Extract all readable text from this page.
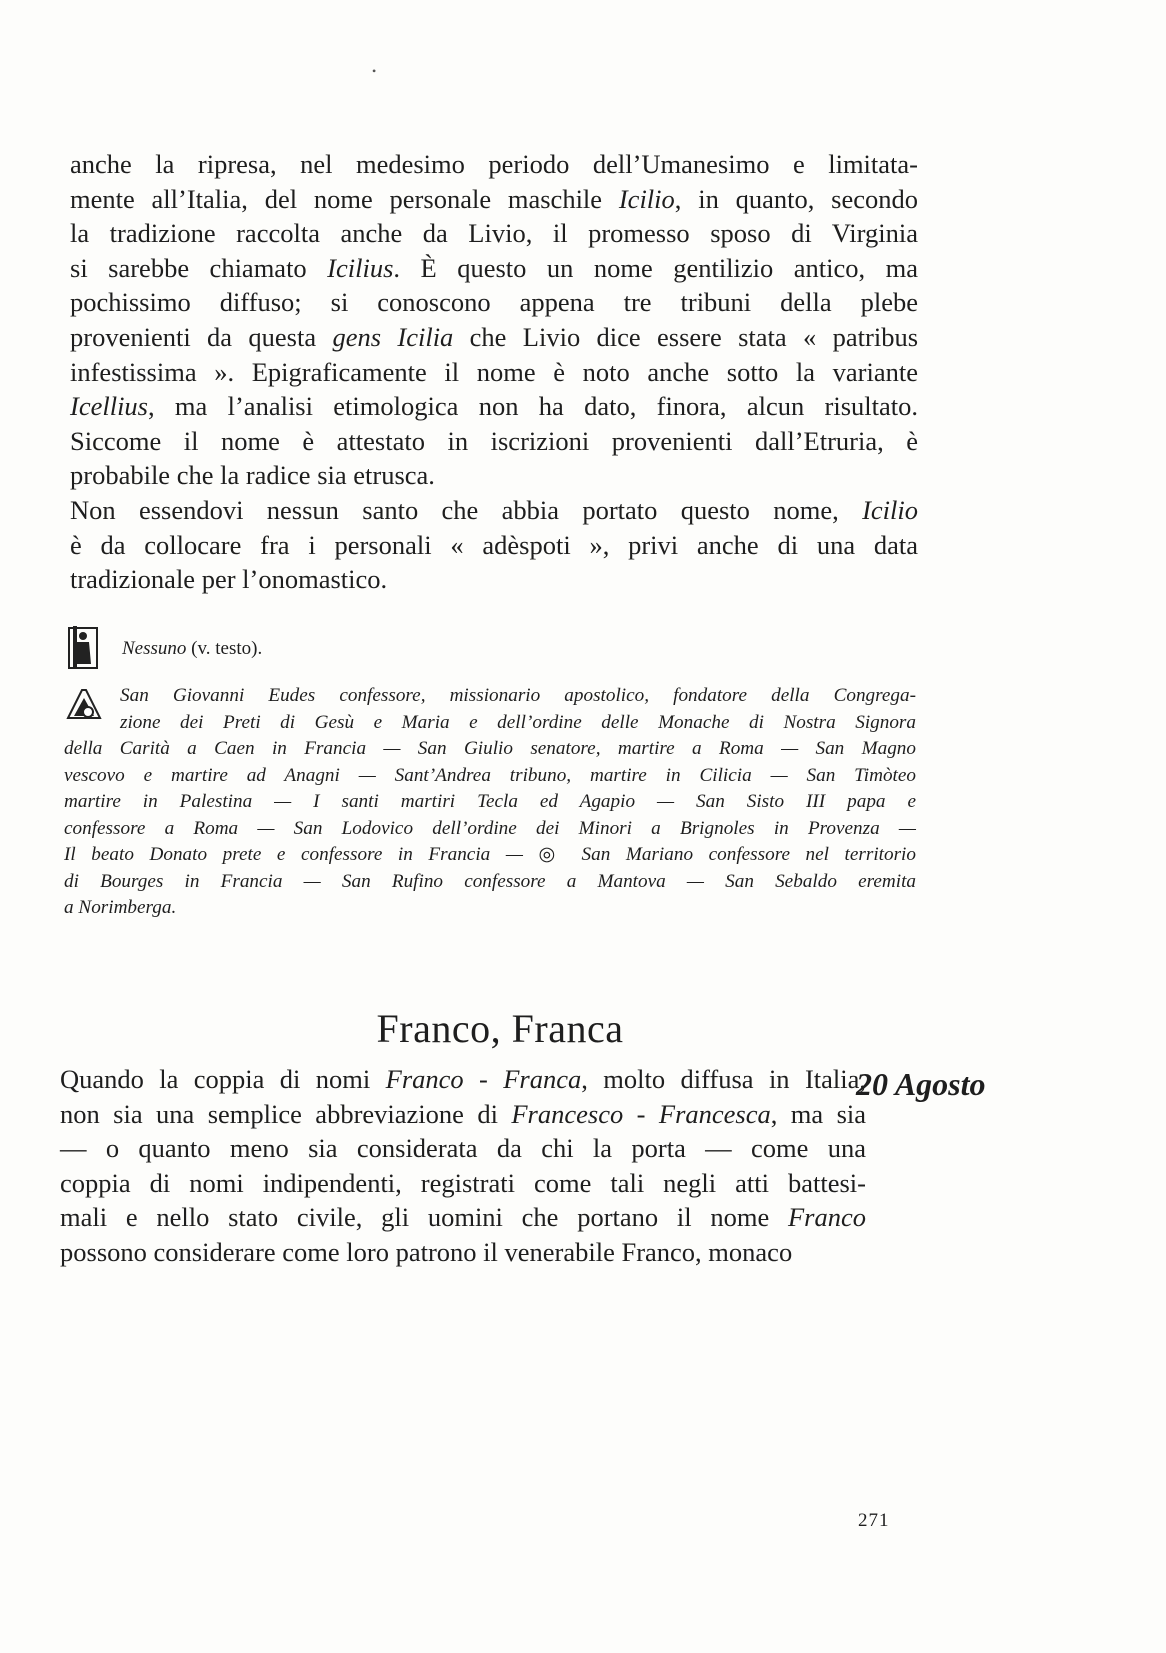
•
anche la ripresa, nel medesimo periodo dell’Umanesimo e limitata-
mente all’Italia, del nome personale maschile Icilio, in quanto, secondo
la tradizione raccolta anche da Livio, il promesso sposo di Virginia
si sarebbe chiamato Icilius. È questo un nome gentilizio antico, ma
pochissimo diffuso; si conoscono appena tre tribuni della plebe
provenienti da questa gens Icilia che Livio dice essere stata « patribus
infestissima ». Epigraficamente il nome è noto anche sotto la variante
Icellius, ma l’analisi etimologica non ha dato, finora, alcun risultato.
Siccome il nome è attestato in iscrizioni provenienti dall’Etruria, è
probabile che la radice sia etrusca.
Non essendovi nessun santo che abbia portato questo nome, Icilio
è da collocare fra i personali « adèspoti », privi anche di una data
tradizionale per l’onomastico.
Nessuno (v. testo).
San Giovanni Eudes confessore, missionario apostolico, fondatore della Congrega-
zione dei Preti di Gesù e Maria e dell’ordine delle Monache di Nostra Signora
della Carità a Caen in Francia — San Giulio senatore, martire a Roma — San Magno
vescovo e martire ad Anagni — Sant’Andrea tribuno, martire in Cilicia — San Timòteo
martire in Palestina — I santi martiri Tecla ed Agapio — San Sisto III papa e
confessore a Roma — San Lodovico dell’ordine dei Minori a Brignoles in Provenza —
Il beato Donato prete e confessore in Francia — ◎ San Mariano confessore nel territorio
di Bourges in Francia — San Rufino confessore a Mantova — San Sebaldo eremita
a Norimberga.
Franco, Franca
20 Agosto
Quando la coppia di nomi Franco - Franca, molto diffusa in Italia,
non sia una semplice abbreviazione di Francesco - Francesca, ma sia
— o quanto meno sia considerata da chi la porta — come una
coppia di nomi indipendenti, registrati come tali negli atti battesi-
mali e nello stato civile, gli uomini che portano il nome Franco
possono considerare come loro patrono il venerabile Franco, monaco
271
